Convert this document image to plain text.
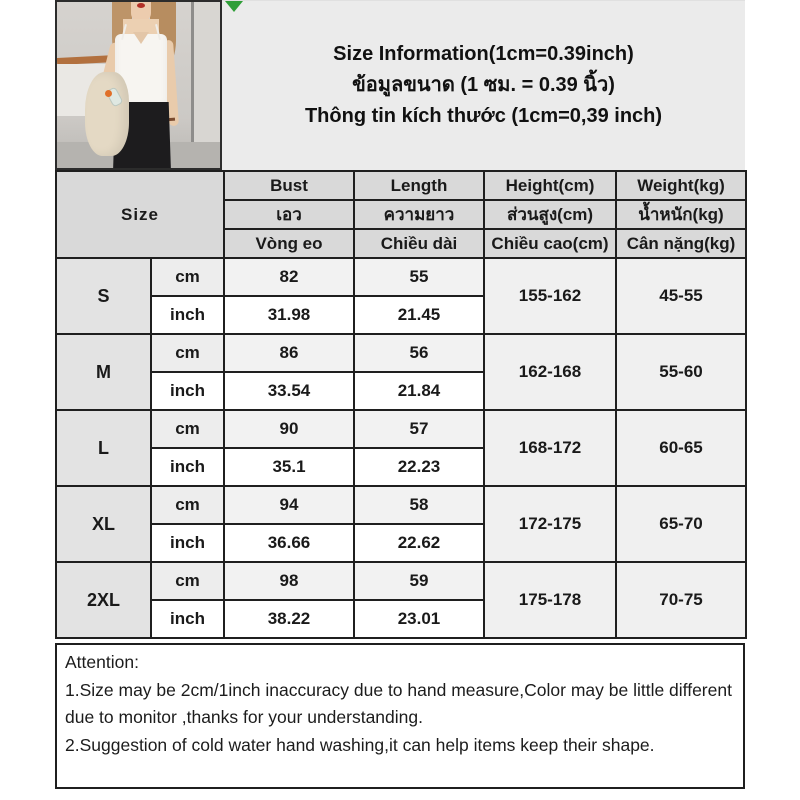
Size Information(1cm=0.39inch)
ข้อมูลขนาด (1 ซม. = 0.39 นิ้ว)
Thông tin kích thước (1cm=0,39 inch)
Size		Bust	Length	Height(cm)	Weight(kg)
		เอว	ความยาว	ส่วนสูง(cm)	น้ำหนัก(kg)
		Vòng eo	Chiều dài	Chiều cao(cm)	Cân nặng(kg)
S	cm	82	55	155-162	45-55
	inch	31.98	21.45		
M	cm	86	56	162-168	55-60
	inch	33.54	21.84		
L	cm	90	57	168-172	60-65
	inch	35.1	22.23		
XL	cm	94	58	172-175	65-70
	inch	36.66	22.62		
2XL	cm	98	59	175-178	70-75
	inch	38.22	23.01		

Attention:

1.Size may be 2cm/1inch inaccuracy due to hand measure,Color may be little different due to monitor ,thanks for your understanding.

2.Suggestion of cold water hand washing,it can help items keep their shape.
